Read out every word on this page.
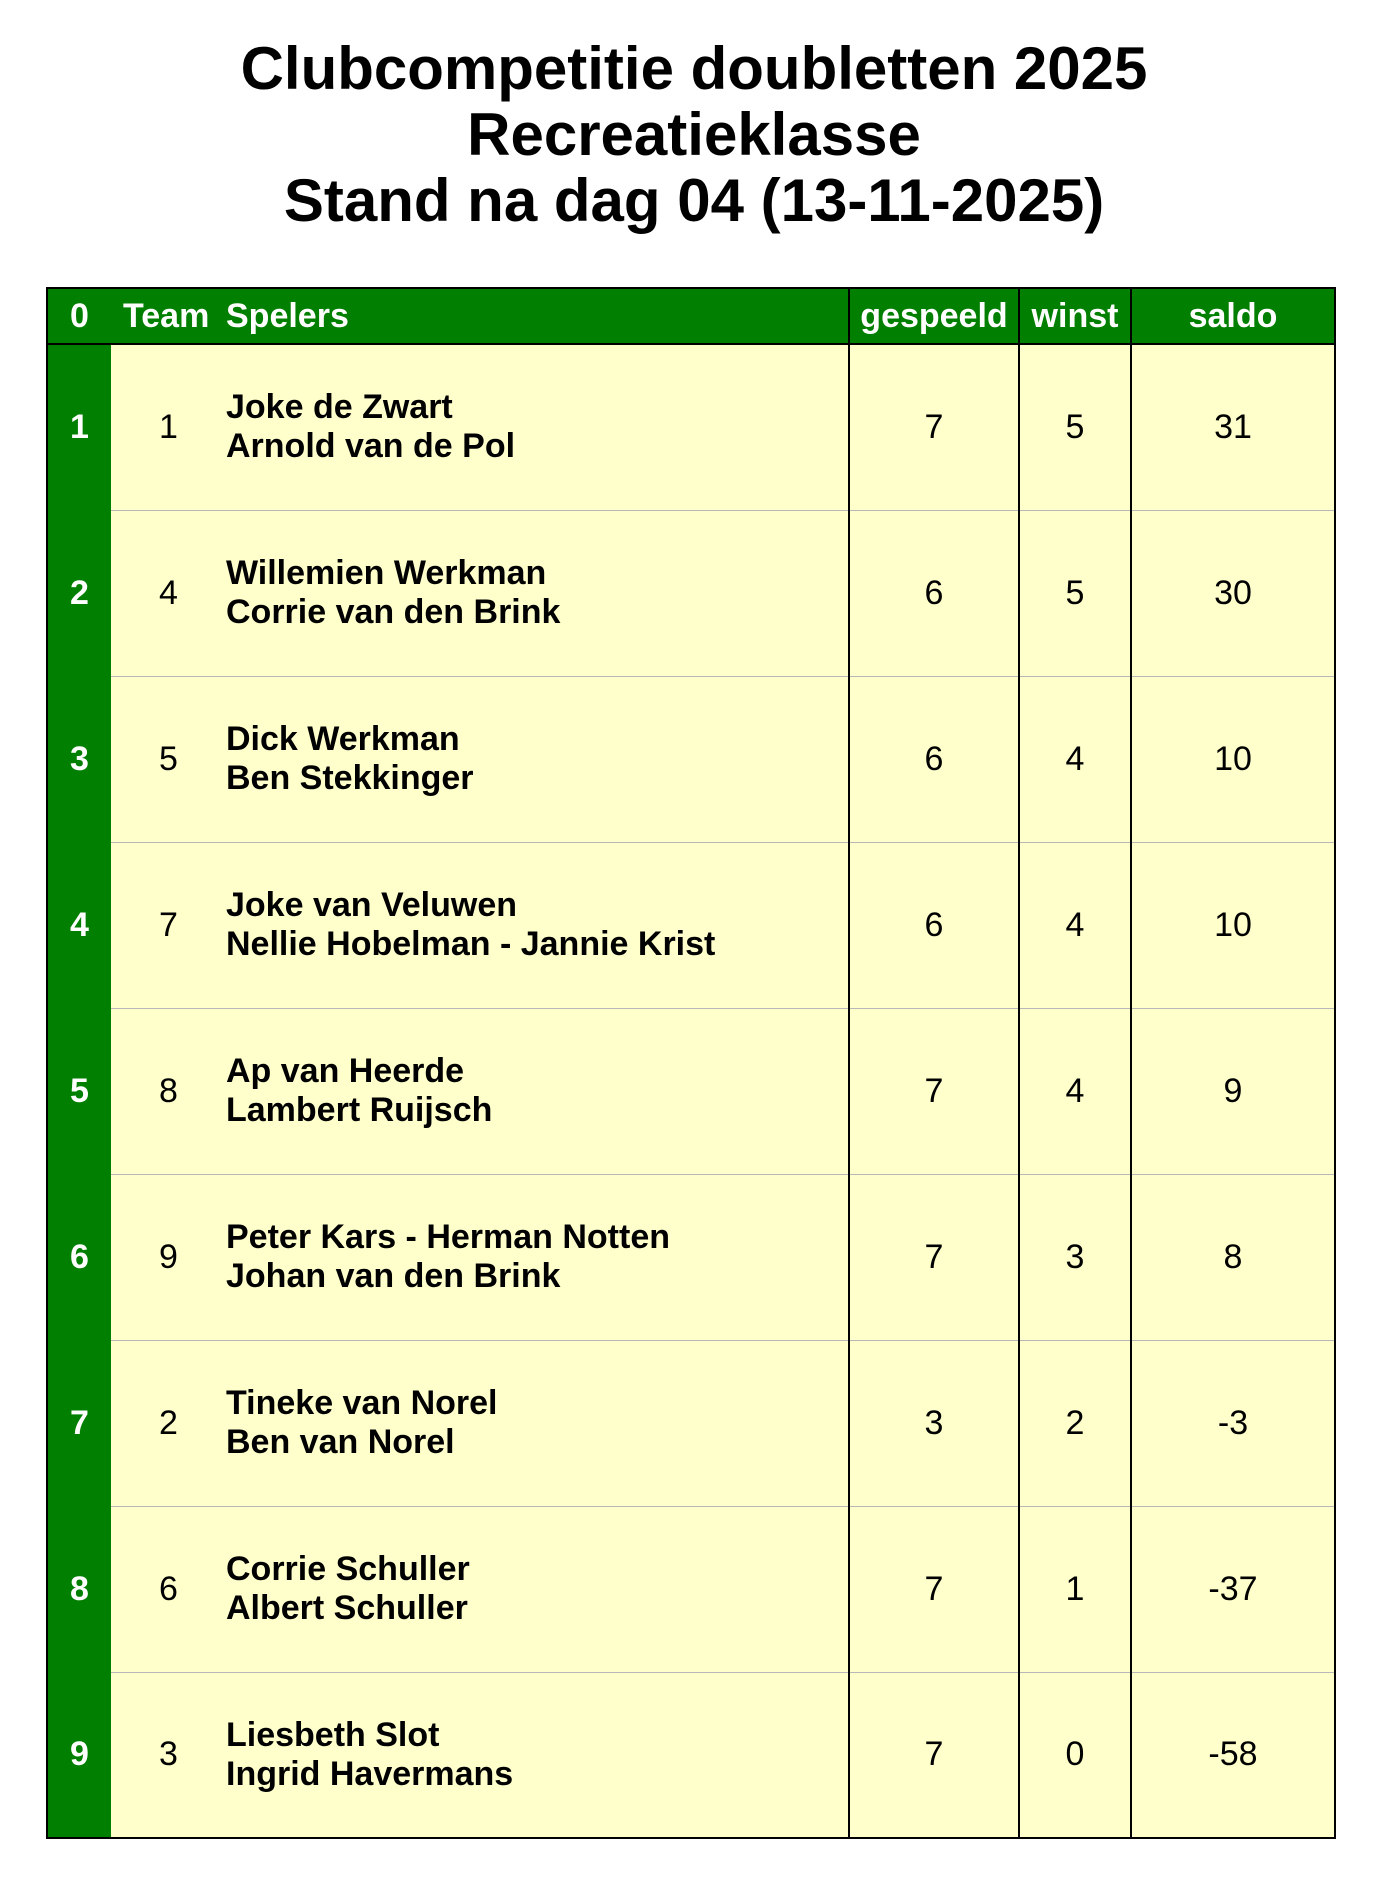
Clubcompetitie doubletten 2025
Recreatieklasse
Stand na dag 04 (13-11-2025)
0	Team	Spelers	gespeeld	winst	saldo
1	1	Joke de Zwart
Arnold van de Pol	7	5	31
2	4	Willemien Werkman
Corrie van den Brink	6	5	30
3	5	Dick Werkman
Ben Stekkinger	6	4	10
4	7	Joke van Veluwen
Nellie Hobelman - Jannie Krist	6	4	10
5	8	Ap van Heerde
Lambert Ruijsch	7	4	9
6	9	Peter Kars - Herman Notten
Johan van den Brink	7	3	8
7	2	Tineke van Norel
Ben van Norel	3	2	-3
8	6	Corrie Schuller
Albert Schuller	7	1	-37
9	3	Liesbeth Slot
Ingrid Havermans	7	0	-58
